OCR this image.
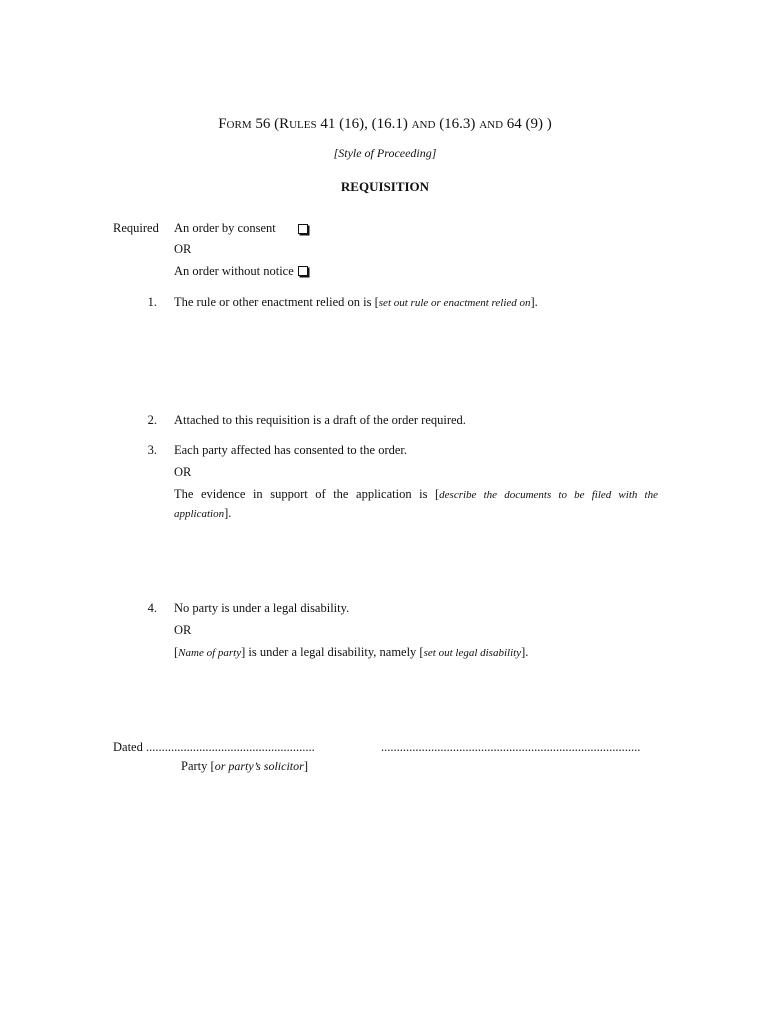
FORM 56 (RULES 41 (16), (16.1) AND (16.3) AND 64 (9) )
[Style of Proceeding]
REQUISITION
Required An order by consent
OR
An order without notice
1. The rule or other enactment relied on is [set out rule or enactment relied on].
2. Attached to this requisition is a draft of the order required.
3. Each party affected has consented to the order.
OR
The evidence in support of the application is [describe the documents to be filed with the
application].
4. No party is under a legal disability.
OR
[Name of party] is under a legal disability, namely [set out legal disability].
Dated ......................................................	...................................................................................
Party [or party’s solicitor]
